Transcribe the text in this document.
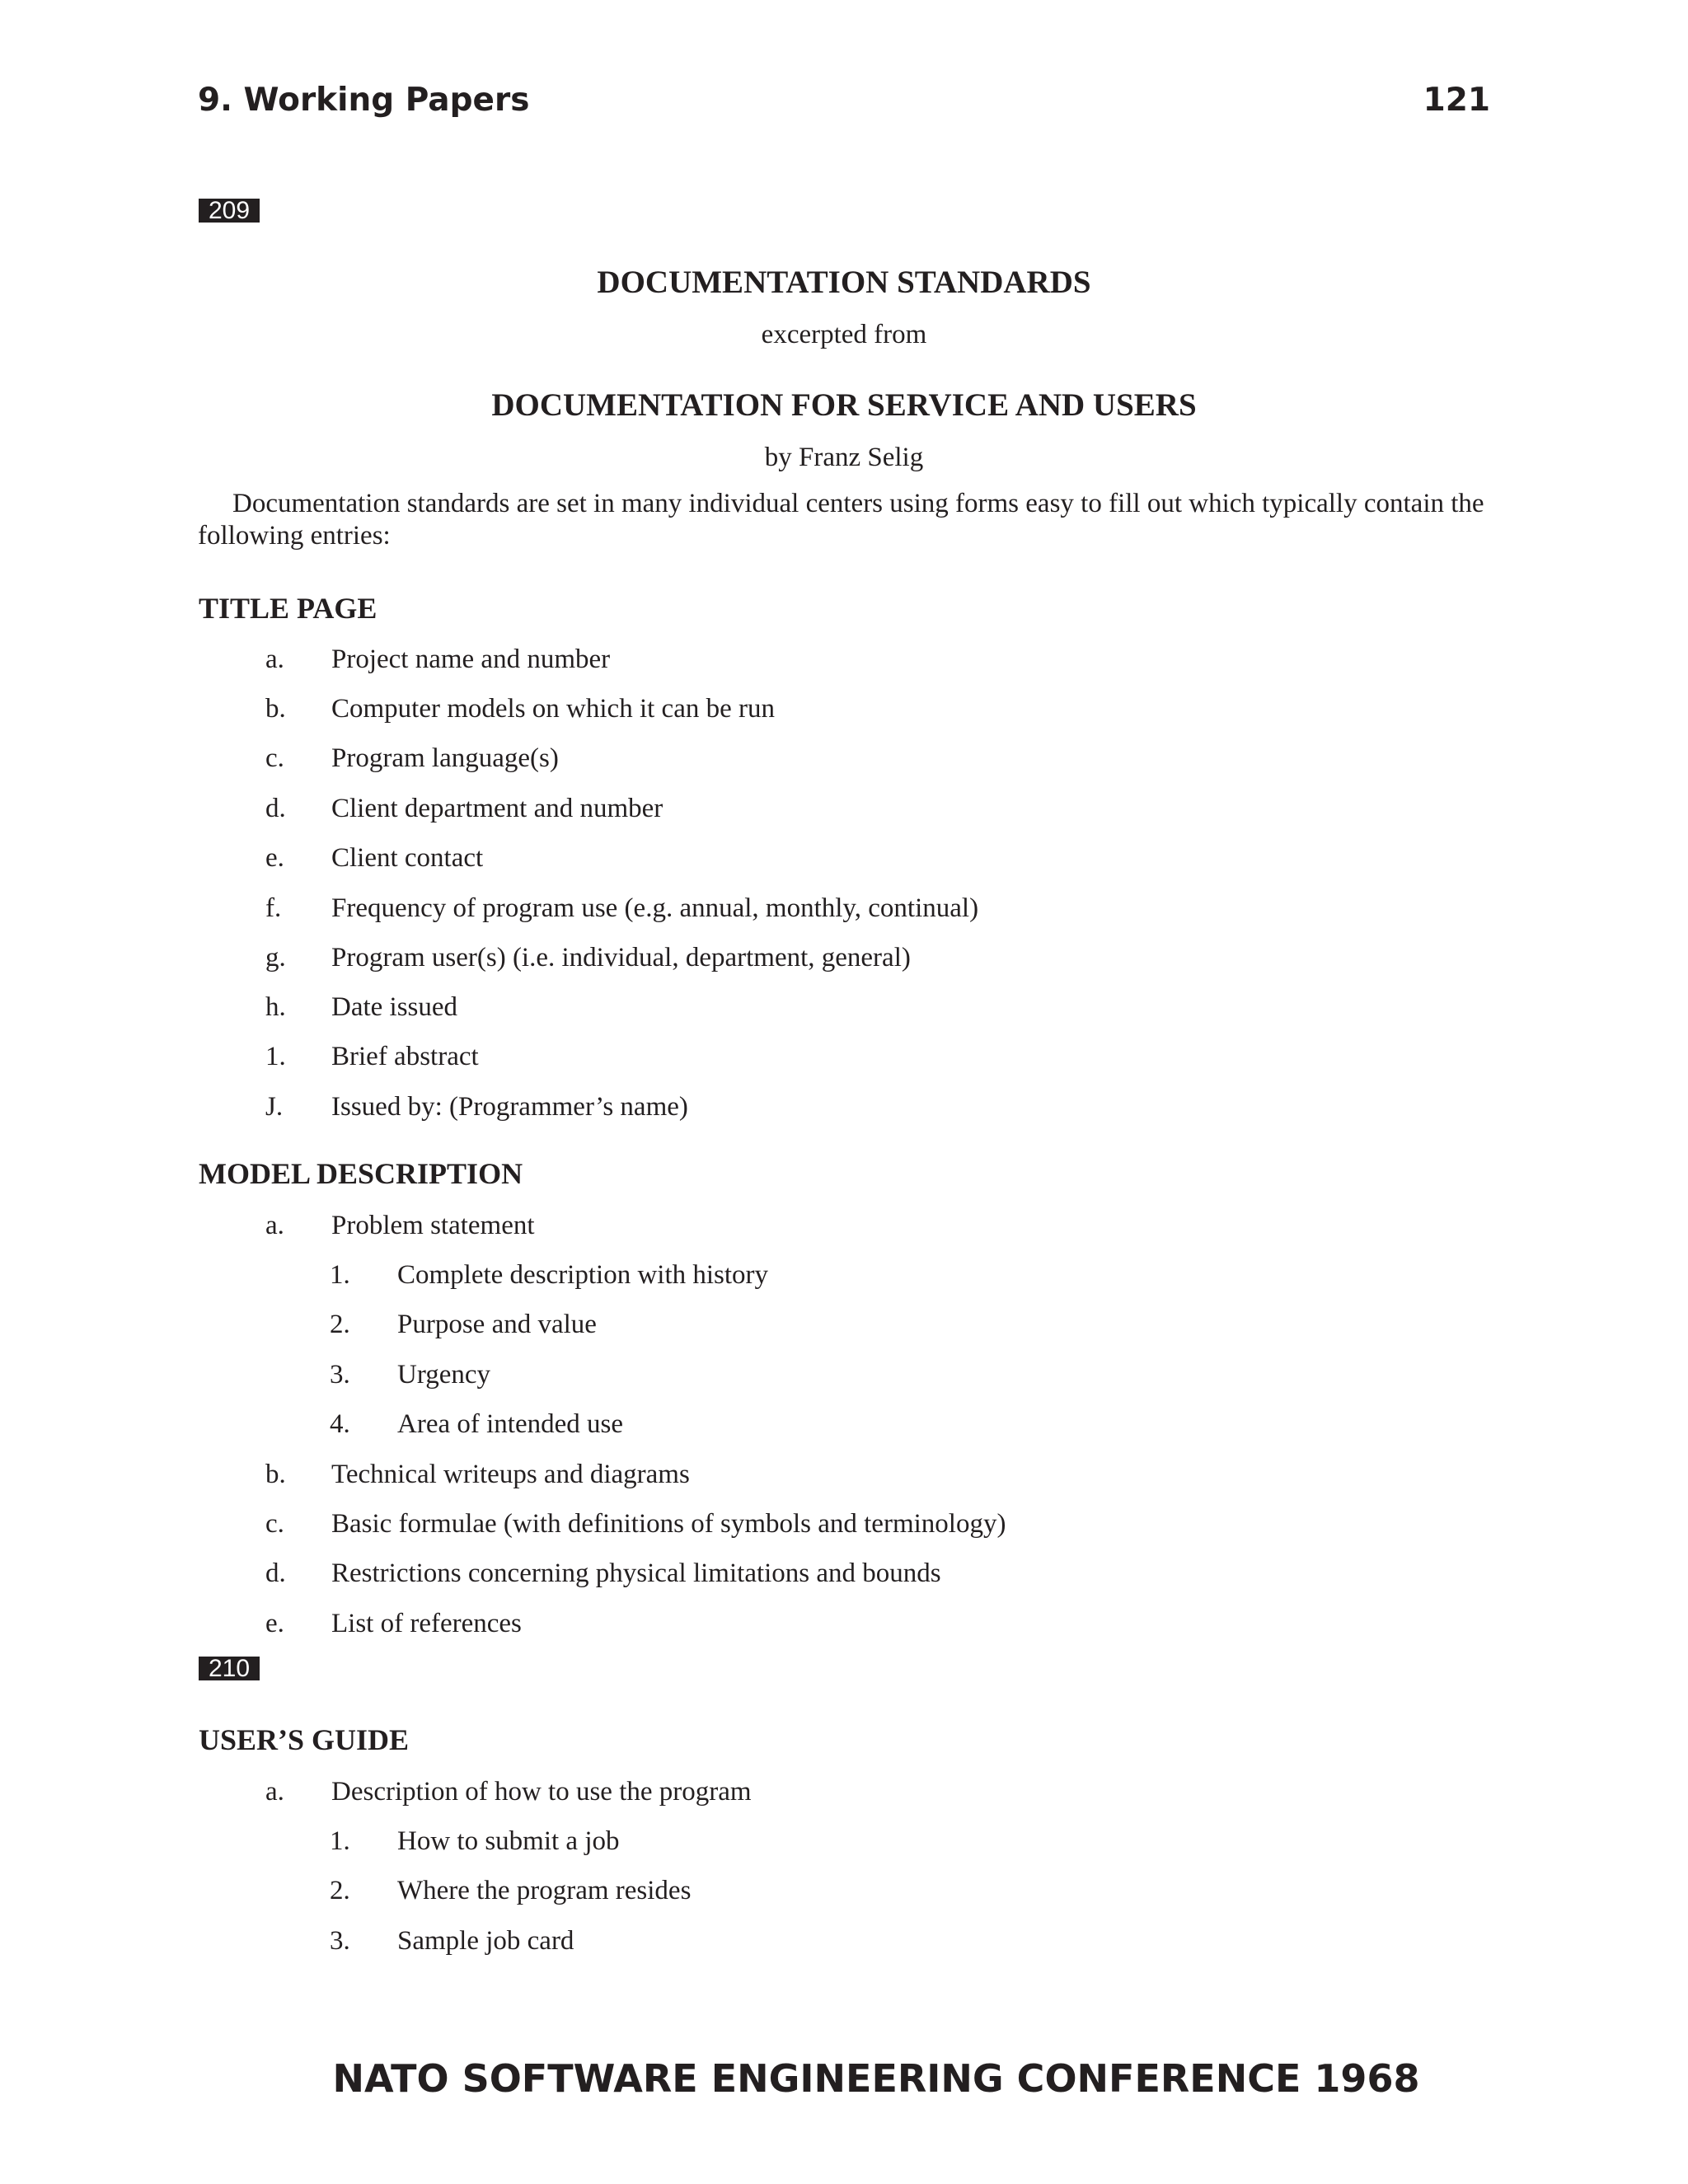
9. Working Papers	121
209
DOCUMENTATION STANDARDS
excerpted from
DOCUMENTATION FOR SERVICE AND USERS
by Franz Selig
Documentation standards are set in many individual centers using forms easy to fill out which typically contain the following entries:
TITLE PAGE
a. Project name and number
b. Computer models on which it can be run
c. Program language(s)
d. Client department and number
e. Client contact
f. Frequency of program use (e.g. annual, monthly, continual)
g. Program user(s) (i.e. individual, department, general)
h. Date issued
1. Brief abstract
J. Issued by: (Programmer’s name)
MODEL DESCRIPTION
a. Problem statement
1. Complete description with history
2. Purpose and value
3. Urgency
4. Area of intended use
b. Technical writeups and diagrams
c. Basic formulae (with definitions of symbols and terminology)
d. Restrictions concerning physical limitations and bounds
e. List of references
210
USER’S GUIDE
a. Description of how to use the program
1. How to submit a job
2. Where the program resides
3. Sample job card
NATO SOFTWARE ENGINEERING CONFERENCE 1968
